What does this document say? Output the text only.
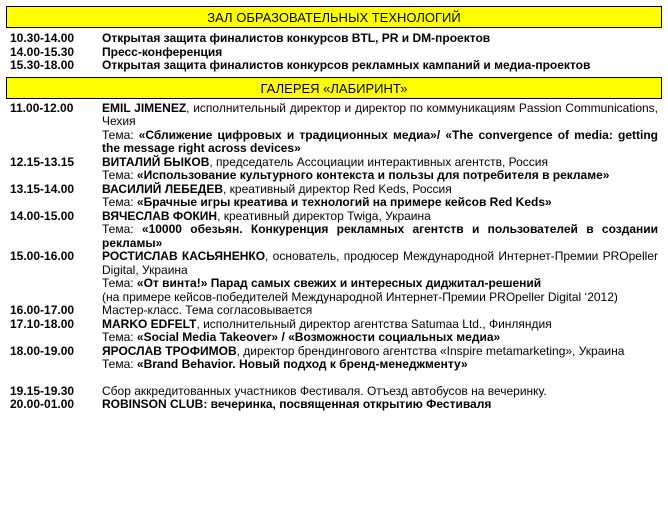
ЗАЛ ОБРАЗОВАТЕЛЬНЫХ ТЕХНОЛОГИЙ
10.30-14.00	Открытая защита финалистов конкурсов BTL, PR и DM-проектов
14.00-15.30	Пресс-конференция
15.30-18.00	Открытая защита финалистов конкурсов рекламных кампаний и медиа-проектов
ГАЛЕРЕЯ «ЛАБИРИНТ»
11.00-12.00	EMIL JIMENEZ, исполнительный директор и директор по коммуникациям Passion Communications, Чехия
Тема: «Сближение цифровых и традиционных медиа»/ «The convergence of media: getting the message right across devices»
12.15-13.15	ВИТАЛИЙ БЫКОВ, председатель Ассоциации интерактивных агентств, Россия
Тема: «Использование культурного контекста и пользы для потребителя в рекламе»
13.15-14.00	ВАСИЛИЙ ЛЕБЕДЕВ, креативный директор Red Keds, Россия
Тема: «Брачные игры креатива и технологий на примере кейсов Red Keds»
14.00-15.00	ВЯЧЕСЛАВ ФОКИН, креативный директор Twiga, Украина
Тема: «10000 обезьян. Конкуренция рекламных агентств и пользователей в создании рекламы»
15.00-16.00	РОСТИСЛАВ КАСЬЯНЕНКО, основатель, продюсер Международной Интернет-Премии PROpeller Digital, Украина
Тема: «От винта!» Парад самых свежих и интересных диджитал-решений
(на примере кейсов-победителей Международной Интернет-Премии PROpeller Digital ‘2012)
16.00-17.00	Мастер-класс. Тема согласовывается
17.10-18.00	MARKO EDFELT, исполнительный директор агентства Satumaa Ltd., Финляндия
Тема: «Social Media Takeover» / «Возможности социальных медиа»
18.00-19.00	ЯРОСЛАВ ТРОФИМОВ, директор брендингового агентства «Inspire metamarketing», Украина
Тема: «Brand Behavior. Новый подход к бренд-менеджменту»
19.15-19.30	Сбор аккредитованных участников Фестиваля. Отъезд автобусов на вечеринку.
20.00-01.00	ROBINSON CLUB: вечеринка, посвященная открытию Фестиваля
